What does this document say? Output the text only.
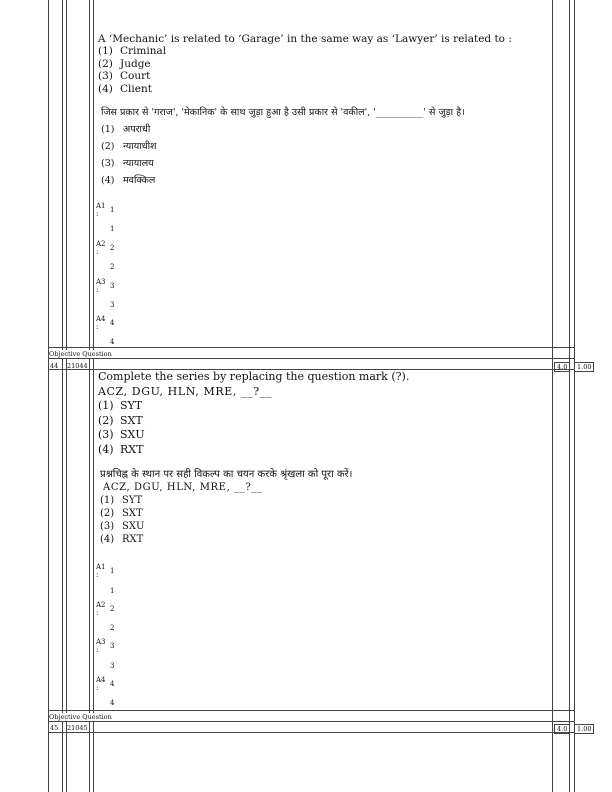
A ‘Mechanic’ is related to ‘Garage’ in the same way as ‘Lawyer’ is related to :
(1) Criminal
(2) Judge
(3) Court
(4) Client
जिस प्रकार से 'गराज', 'मेकानिक' के साथ जुड़ा हुआ है उसी प्रकार से 'वकील', '__________' से जुड़ा है।
(1) अपराधी
(2) न्यायाधीश
(3) न्यायालय
(4) मवक्किल
A1 1
:
1
A2 2
:
2
A3 3
:
3
A4 4
:
4
Objective Question
44 21044	4.0	1.00
Complete the series by replacing the question mark (?).
ACZ, DGU, HLN, MRE, __?__
(1) SYT
(2) SXT
(3) SXU
(4) RXT
प्रश्नचिह्न के स्थान पर सही विकल्प का चयन करके श्रृंखला को पूरा करें।
ACZ, DGU, HLN, MRE, __?__
(1) SYT
(2) SXT
(3) SXU
(4) RXT
A1 1
:
1
A2 2
:
2
A3 3
:
3
A4 4
:
4
Objective Question
45 21045	4.0	1.00
